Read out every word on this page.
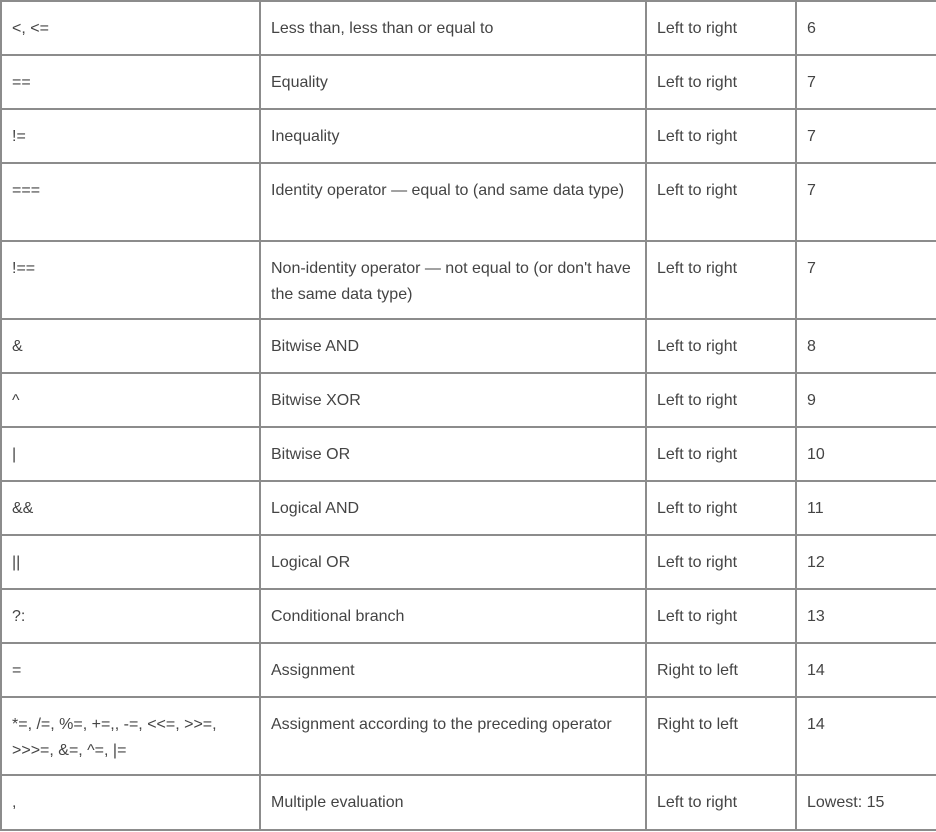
<, <=	Less than, less than or equal to	Left to right	6
==	Equality	Left to right	7
!=	Inequality	Left to right	7
===	Identity operator — equal to (and same data type)	Left to right	7
!==	Non-identity operator — not equal to (or don't have the same data type)	Left to right	7
&	Bitwise AND	Left to right	8
^	Bitwise XOR	Left to right	9
|	Bitwise OR	Left to right	10
&&	Logical AND	Left to right	11
||	Logical OR	Left to right	12
?:	Conditional branch	Left to right	13
=	Assignment	Right to left	14
*=, /=, %=, +=,, -=, <<=, >>=, >>>=, &=, ^=, |=	Assignment according to the preceding operator	Right to left	14
,	Multiple evaluation	Left to right	Lowest: 15
